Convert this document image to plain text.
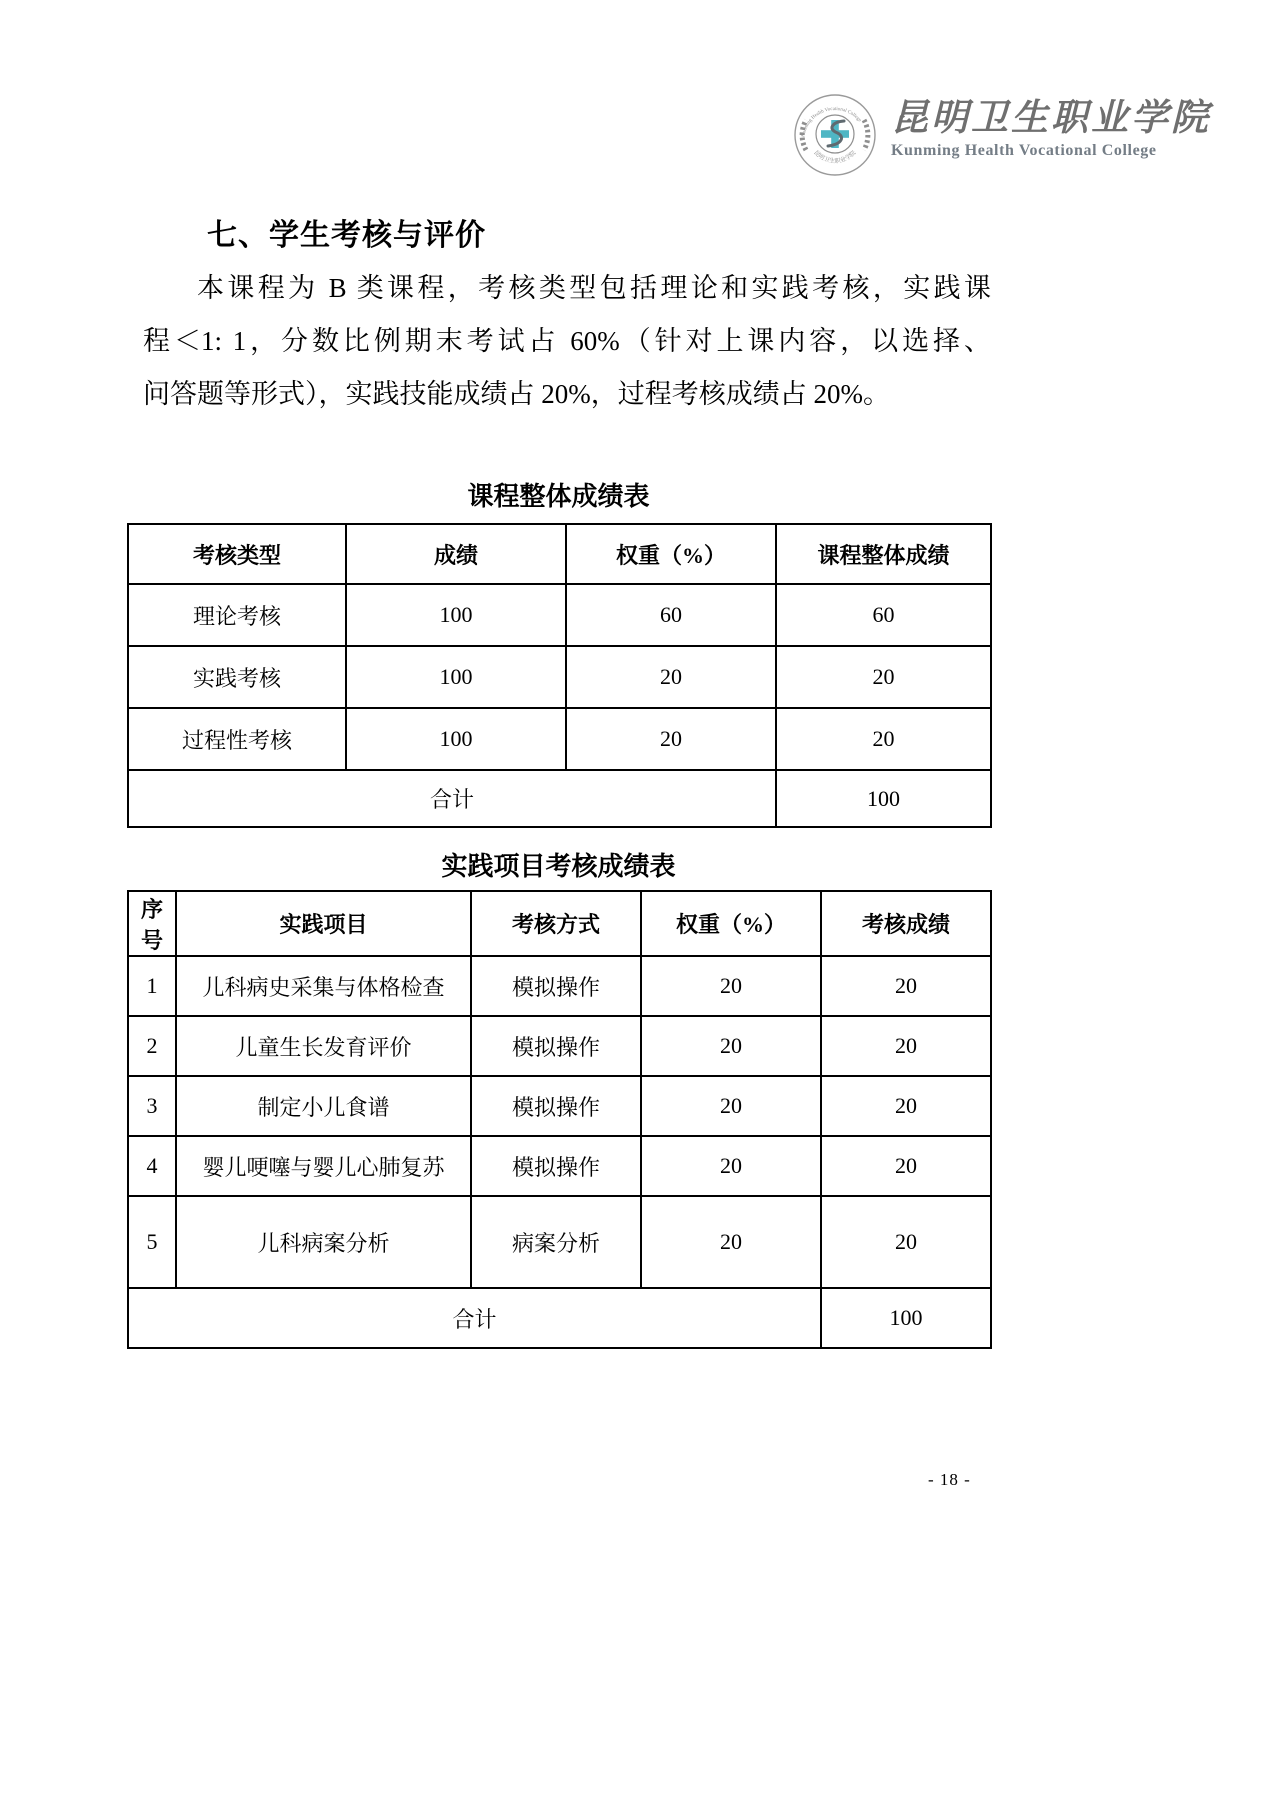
Kunming Health Vocational College
昆明卫生职业学院
昆明卫生职业学院
Kunming Health Vocational College
七、学生考核与评价
本课程为 B 类课程，考核类型包括理论和实践考核，实践课
程＜1: 1，分数比例期末考试占 60%（针对上课内容，以选择、
问答题等形式），实践技能成绩占 20%，过程考核成绩占 20%。
课程整体成绩表
考核类型	成绩	权重（%）	课程整体成绩
理论考核	100	60	60
实践考核	100	20	20
过程性考核	100	20	20
合计			100
实践项目考核成绩表
序号	实践项目	考核方式	权重（%）	考核成绩
1	儿科病史采集与体格检查	模拟操作	20	20
2	儿童生长发育评价	模拟操作	20	20
3	制定小儿食谱	模拟操作	20	20
4	婴儿哽噻与婴儿心肺复苏	模拟操作	20	20
5	儿科病案分析	病案分析	20	20
合计				100
- 18 -
